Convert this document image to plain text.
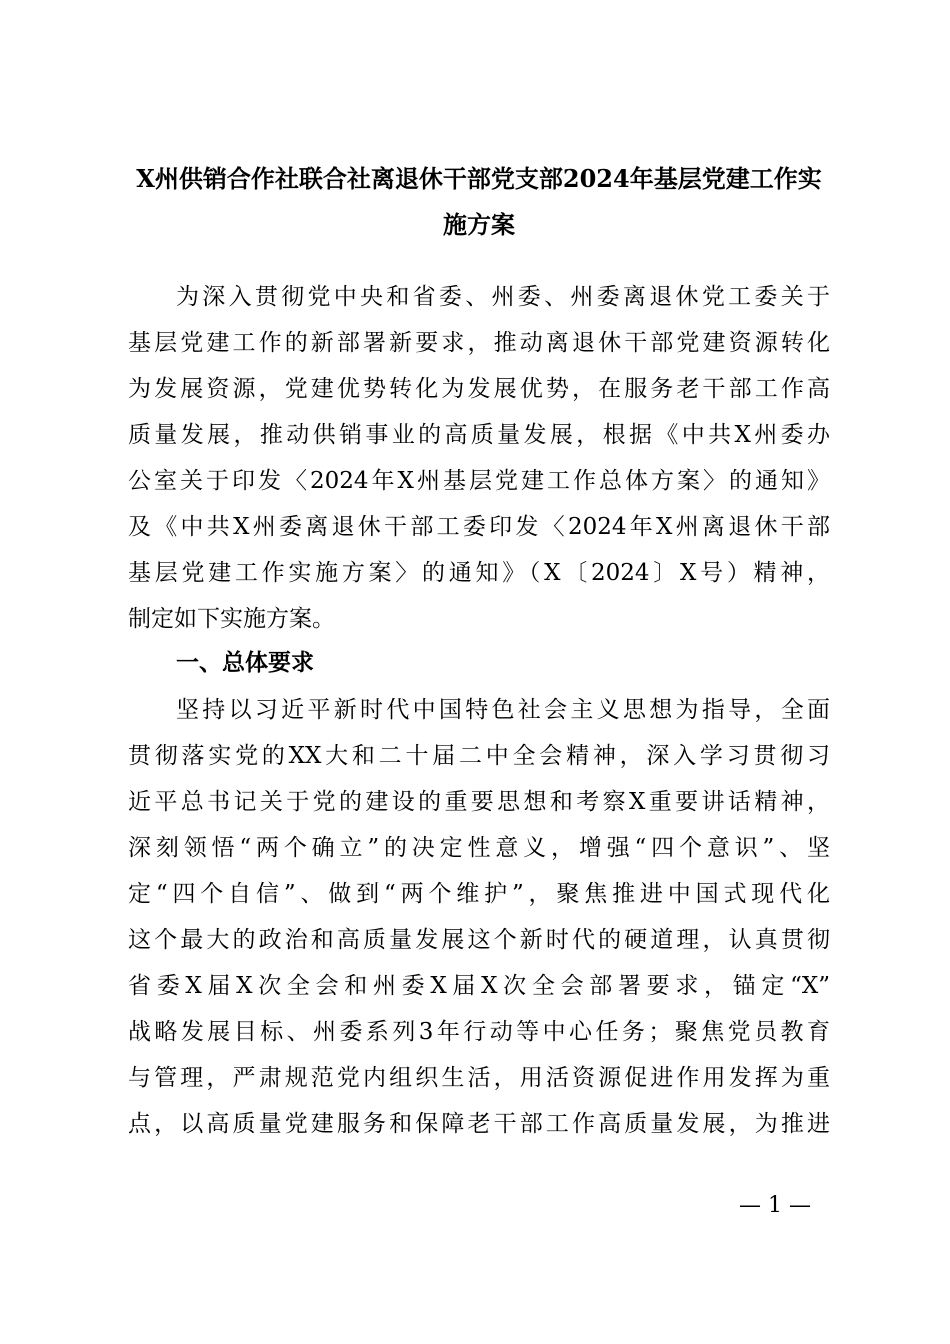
X州供销合作社联合社离退休干部党支部2024年基层党建工作实
施方案
为深入贯彻党中央和省委、州委、州委离退休党工委关于
基层党建工作的新部署新要求，推动离退休干部党建资源转化
为发展资源，党建优势转化为发展优势，在服务老干部工作高
质量发展，推动供销事业的高质量发展，根据《中共X州委办
公室关于印发〈2024年X州基层党建工作总体方案〉的通知》
及《中共X州委离退休干部工委印发〈2024年X州离退休干部
基层党建工作实施方案〉的通知》（X〔2024〕X号）精神，
制定如下实施方案。
一、总体要求
坚持以习近平新时代中国特色社会主义思想为指导，全面
贯彻落实党的XX大和二十届二中全会精神，深入学习贯彻习
近平总书记关于党的建设的重要思想和考察X重要讲话精神，
深刻领悟“两个确立”的决定性意义，增强“四个意识”、坚
定“四个自信”、做到“两个维护”，聚焦推进中国式现代化
这个最大的政治和高质量发展这个新时代的硬道理，认真贯彻
省委X届X次全会和州委X届X次全会部署要求，锚定“X”
战略发展目标、州委系列3年行动等中心任务；聚焦党员教育
与管理，严肃规范党内组织生活，用活资源促进作用发挥为重
点，以高质量党建服务和保障老干部工作高质量发展，为推进
— 1 —
